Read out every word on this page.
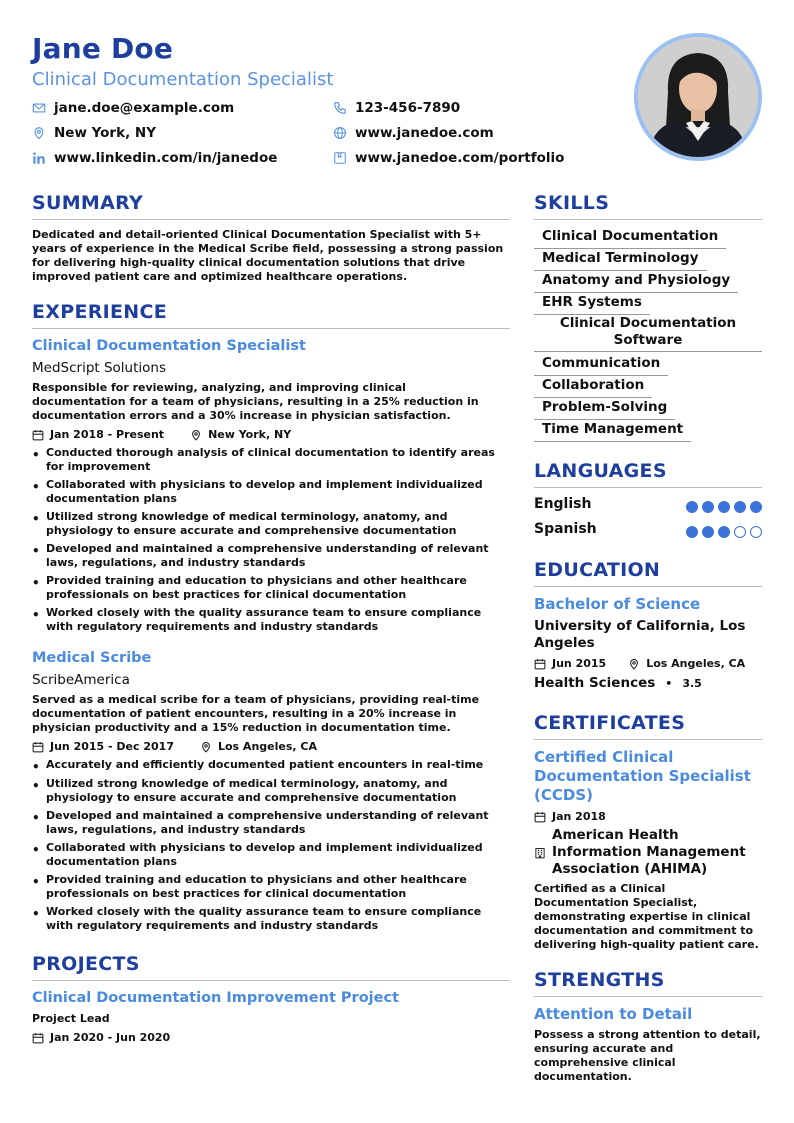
Jane Doe
Clinical Documentation Specialist
jane.doe@example.com	123-456-7890
New York, NY	www.janedoe.com
www.linkedin.com/in/janedoe	www.janedoe.com/portfolio
SUMMARY
Dedicated and detail-oriented Clinical Documentation Specialist with 5+ years of experience in the Medical Scribe field, possessing a strong passion for delivering high-quality clinical documentation solutions that drive improved patient care and optimized healthcare operations.
EXPERIENCE
Clinical Documentation Specialist
MedScript Solutions
Responsible for reviewing, analyzing, and improving clinical documentation for a team of physicians, resulting in a 25% reduction in documentation errors and a 30% increase in physician satisfaction.
Jan 2018 - Present	New York, NY
• Conducted thorough analysis of clinical documentation to identify areas for improvement
• Collaborated with physicians to develop and implement individualized documentation plans
• Utilized strong knowledge of medical terminology, anatomy, and physiology to ensure accurate and comprehensive documentation
• Developed and maintained a comprehensive understanding of relevant laws, regulations, and industry standards
• Provided training and education to physicians and other healthcare professionals on best practices for clinical documentation
• Worked closely with the quality assurance team to ensure compliance with regulatory requirements and industry standards
Medical Scribe
ScribeAmerica
Served as a medical scribe for a team of physicians, providing real-time documentation of patient encounters, resulting in a 20% increase in physician productivity and a 15% reduction in documentation time.
Jun 2015 - Dec 2017	Los Angeles, CA
• Accurately and efficiently documented patient encounters in real-time
• Utilized strong knowledge of medical terminology, anatomy, and physiology to ensure accurate and comprehensive documentation
• Developed and maintained a comprehensive understanding of relevant laws, regulations, and industry standards
• Collaborated with physicians to develop and implement individualized documentation plans
• Provided training and education to physicians and other healthcare professionals on best practices for clinical documentation
• Worked closely with the quality assurance team to ensure compliance with regulatory requirements and industry standards
PROJECTS
Clinical Documentation Improvement Project
Project Lead
Jan 2020 - Jun 2020
SKILLS
Clinical Documentation
Medical Terminology
Anatomy and Physiology
EHR Systems
Clinical Documentation Software
Communication
Collaboration
Problem-Solving
Time Management
LANGUAGES
English
Spanish
EDUCATION
Bachelor of Science
University of California, Los Angeles
Jun 2015	Los Angeles, CA
Health Sciences • 3.5
CERTIFICATES
Certified Clinical Documentation Specialist (CCDS)
Jan 2018
American Health Information Management Association (AHIMA)
Certified as a Clinical Documentation Specialist, demonstrating expertise in clinical documentation and commitment to delivering high-quality patient care.
STRENGTHS
Attention to Detail
Possess a strong attention to detail, ensuring accurate and comprehensive clinical documentation.
